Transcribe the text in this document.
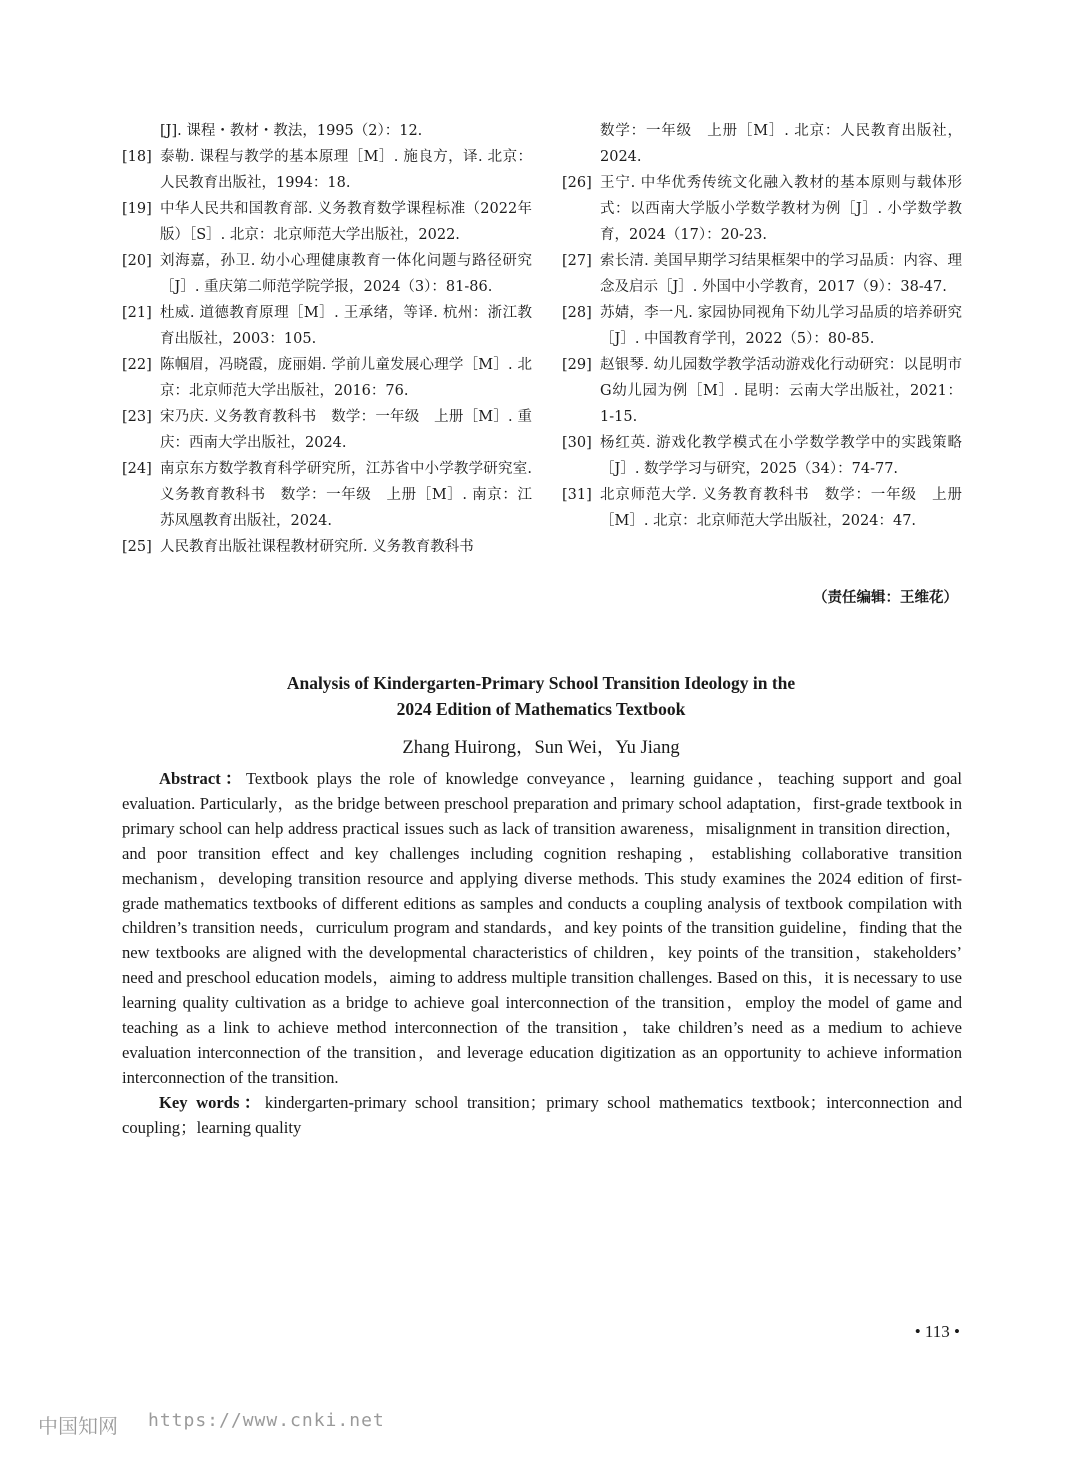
[J]. 课程・教材・教法，1995（2）：12.
[18] 泰勒. 课程与教学的基本原理［M］. 施良方，译. 北京：人民教育出版社，1994：18.
[19] 中华人民共和国教育部. 义务教育数学课程标准（2022年版）［S］. 北京：北京师范大学出版社，2022.
[20] 刘海嘉，孙卫. 幼小心理健康教育一体化问题与路径研究［J］. 重庆第二师范学院学报，2024（3）：81-86.
[21] 杜威. 道德教育原理［M］. 王承绪，等译. 杭州：浙江教育出版社，2003：105.
[22] 陈帼眉，冯晓霞，庞丽娟. 学前儿童发展心理学［M］. 北京：北京师范大学出版社，2016：76.
[23] 宋乃庆. 义务教育教科书　数学：一年级　上册［M］. 重庆：西南大学出版社，2024.
[24] 南京东方数学教育科学研究所，江苏省中小学教学研究室. 义务教育教科书　数学：一年级　上册［M］. 南京：江苏凤凰教育出版社，2024.
[25] 人民教育出版社课程教材研究所. 义务教育教科书
数学：一年级　上册［M］. 北京：人民教育出版社，2024.
[26] 王宁. 中华优秀传统文化融入教材的基本原则与载体形式：以西南大学版小学数学教材为例［J］. 小学数学教育，2024（17）：20-23.
[27] 索长清. 美国早期学习结果框架中的学习品质：内容、理念及启示［J］. 外国中小学教育，2017（9）：38-47.
[28] 苏婧，李一凡. 家园协同视角下幼儿学习品质的培养研究［J］. 中国教育学刊，2022（5）：80-85.
[29] 赵银琴. 幼儿园数学教学活动游戏化行动研究：以昆明市G幼儿园为例［M］. 昆明：云南大学出版社，2021：1-15.
[30] 杨红英. 游戏化教学模式在小学数学教学中的实践策略［J］. 数学学习与研究，2025（34）：74-77.
[31] 北京师范大学. 义务教育教科书　数学：一年级　上册［M］. 北京：北京师范大学出版社，2024：47.
（责任编辑：王维花）
Analysis of Kindergarten-Primary School Transition Ideology in the
2024 Edition of Mathematics Textbook
Zhang Huirong，Sun Wei，Yu Jiang

Abstract：Textbook plays the role of knowledge conveyance，learning guidance，teaching support and goal evaluation. Particularly，as the bridge between preschool preparation and primary school adaptation，first-grade textbook in primary school can help address practical issues such as lack of transition awareness，misalignment in transition direction，and poor transition effect and key challenges including cognition reshaping，establishing collaborative transition mechanism，developing transition resource and applying diverse methods. This study examines the 2024 edition of first-grade mathematics textbooks of different editions as samples and conducts a coupling analysis of textbook compilation with children’s transition needs，curriculum program and standards，and key points of the transition guideline，finding that the new textbooks are aligned with the developmental characteristics of children，key points of the transition，stakeholders’ need and preschool education models，aiming to address multiple transition challenges. Based on this，it is necessary to use learning quality cultivation as a bridge to achieve goal interconnection of the transition，employ the model of game and teaching as a link to achieve method interconnection of the transition，take children’s need as a medium to achieve evaluation interconnection of the transition，and leverage education digitization as an opportunity to achieve information interconnection of the transition.

Key words：kindergarten-primary school transition；primary school mathematics textbook；interconnection and coupling；learning quality

• 113 •
中国知网 https://www.cnki.net
